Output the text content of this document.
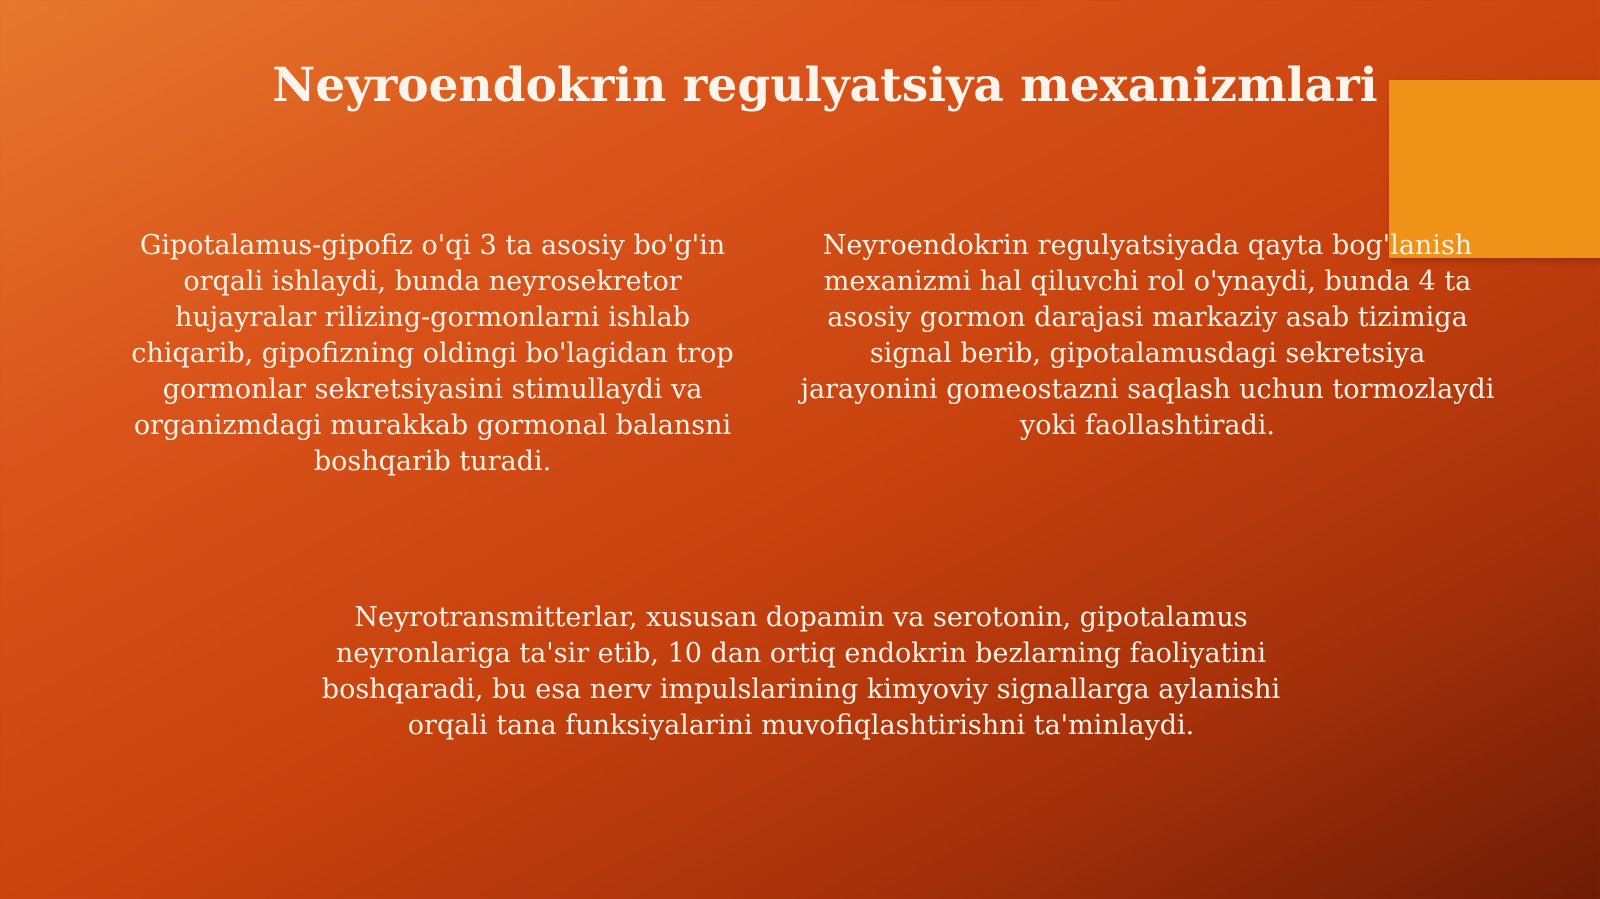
Neyroendokrin regulyatsiya mexanizmlari

Gipotalamus-gipofiz o'qi 3 ta asosiy bo'g'in orqali ishlaydi, bunda neyrosekretor hujayralar rilizing-gormonlarni ishlab chiqarib, gipofizning oldingi bo'lagidan trop gormonlar sekretsiyasini stimullaydi va organizmdagi murakkab gormonal balansni boshqarib turadi.

Neyroendokrin regulyatsiyada qayta bog'lanish mexanizmi hal qiluvchi rol o'ynaydi, bunda 4 ta asosiy gormon darajasi markaziy asab tizimiga signal berib, gipotalamusdagi sekretsiya jarayonini gomeostazni saqlash uchun tormozlaydi yoki faollashtiradi.

Neyrotransmitterlar, xususan dopamin va serotonin, gipotalamus neyronlariga ta'sir etib, 10 dan ortiq endokrin bezlarning faoliyatini boshqaradi, bu esa nerv impulslarining kimyoviy signallarga aylanishi orqali tana funksiyalarini muvofiqlashtirishni ta'minlaydi.
